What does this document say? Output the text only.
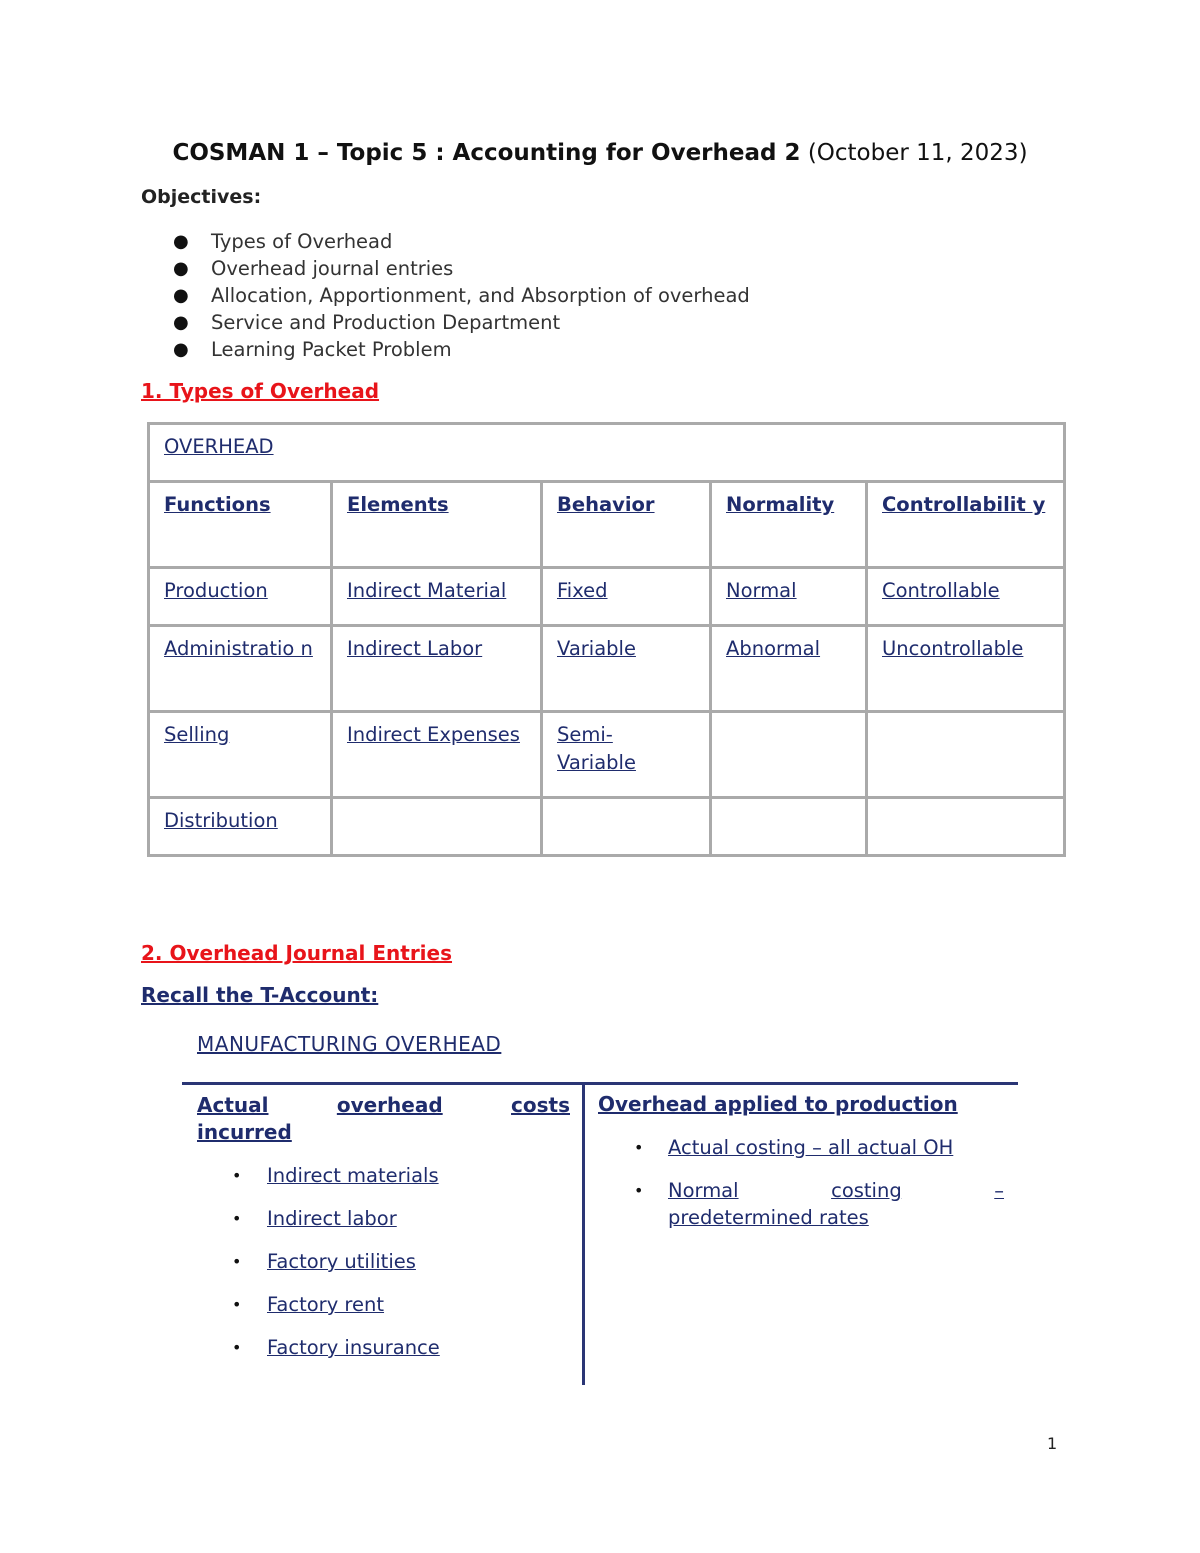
COSMAN 1 – Topic 5 : Accounting for Overhead 2 (October 11, 2023)
Objectives:
● Types of Overhead
● Overhead journal entries
● Allocation, Apportionment, and Absorption of overhead
● Service and Production Department
● Learning Packet Problem
1. Types of Overhead
OVERHEAD				
Functions	Elements	Behavior	Normality	Controllabilit y
Production	Indirect Material	Fixed	Normal	Controllable
Administratio n	Indirect Labor	Variable	Abnormal	Uncontrollable
Selling	Indirect Expenses	Semi- Variable		
Distribution				
2. Overhead Journal Entries
Recall the T-Account:
MANUFACTURING OVERHEAD
Actual	overhead	costs
incurred
• Indirect materials
• Indirect labor
• Factory utilities
• Factory rent
• Factory insurance
Overhead applied to production
• Actual costing – all actual OH
• Normal	costing	–
predetermined rates
1
